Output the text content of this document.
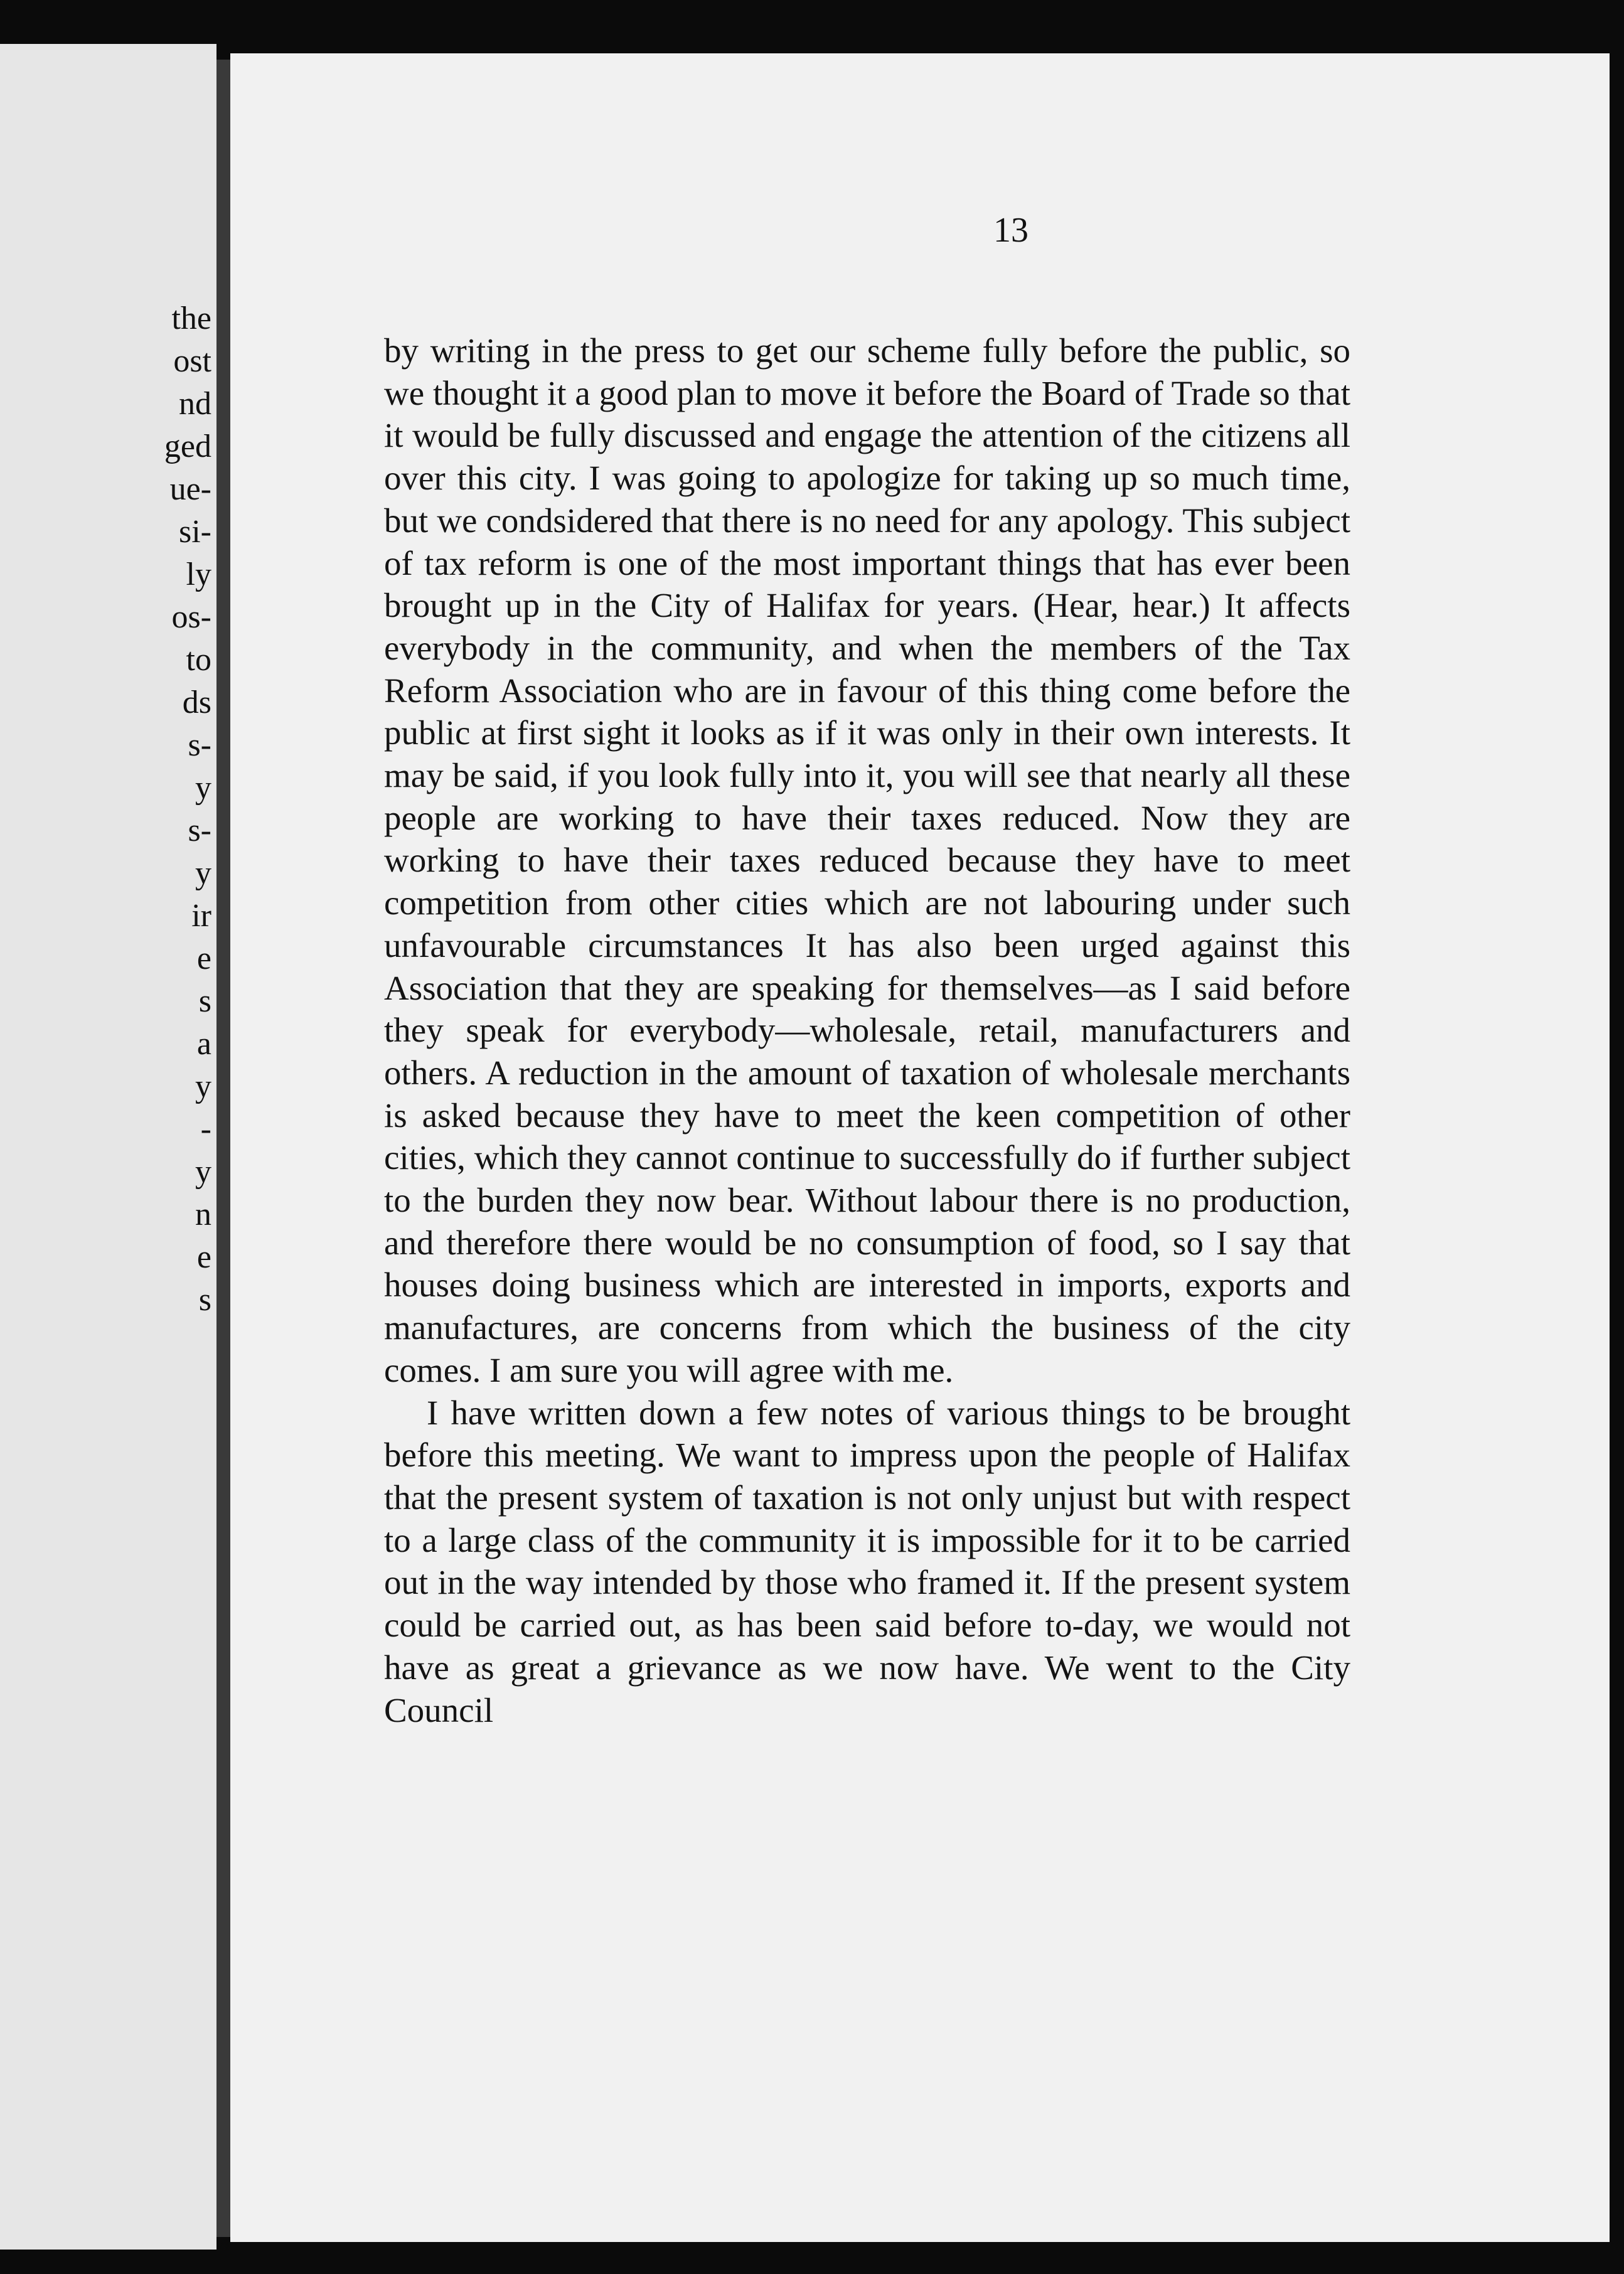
the
ost
nd
ged
ue-
si-
ly
os-
to
ds
s-
y
s-
y
ir
e
s
a
y
-
y
n
e
s
13

by writing in the press to get our scheme fully before the public, so we thought it a good plan to move it before the Board of Trade so that it would be fully discussed and engage the attention of the citizens all over this city. I was going to apologize for taking up so much time, but we condsidered that there is no need for any apology. This subject of tax reform is one of the most important things that has ever been brought up in the City of Halifax for years. (Hear, hear.) It affects everybody in the community, and when the members of the Tax Reform Association who are in favour of this thing come before the public at first sight it looks as if it was only in their own interests. It may be said, if you look fully into it, you will see that nearly all these people are working to have their taxes reduced. Now they are working to have their taxes reduced because they have to meet competition from other cities which are not labouring under such unfavourable circumstances It has also been urged against this Association that they are speaking for themselves—as I said before they speak for everybody—wholesale, retail, manufacturers and others. A reduction in the amount of taxation of wholesale merchants is asked because they have to meet the keen competition of other cities, which they cannot continue to successfully do if further subject to the burden they now bear. Without labour there is no production, and therefore there would be no consumption of food, so I say that houses doing business which are interested in imports, exports and manufactures, are concerns from which the business of the city comes. I am sure you will agree with me.

I have written down a few notes of various things to be brought before this meeting. We want to impress upon the people of Halifax that the present system of taxation is not only unjust but with respect to a large class of the community it is impossible for it to be carried out in the way intended by those who framed it. If the present system could be carried out, as has been said before to-day, we would not have as great a grievance as we now have. We went to the City Council
